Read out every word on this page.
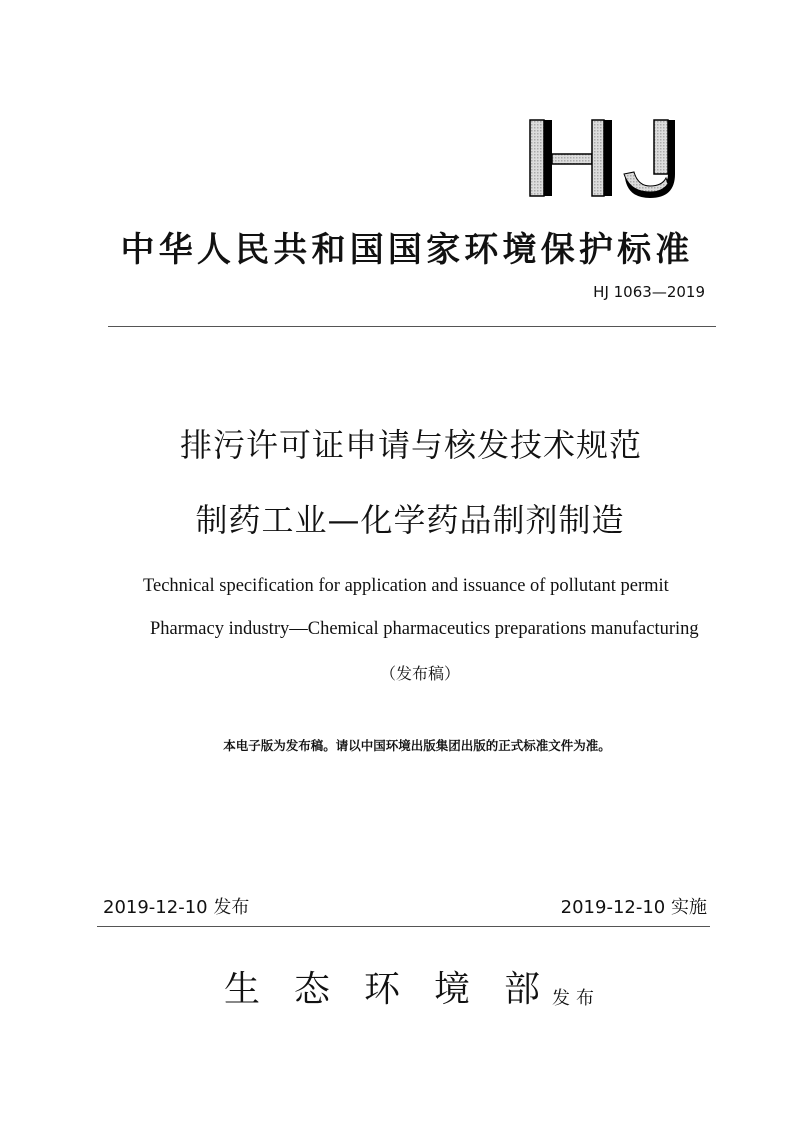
中华人民共和国国家环境保护标准
HJ 1063—2019
排污许可证申请与核发技术规范
制药工业—化学药品制剂制造
Technical specification for application and issuance of pollutant permit
Pharmacy industry—Chemical pharmaceutics preparations manufacturing
（发布稿）
本电子版为发布稿。请以中国环境出版集团出版的正式标准文件为准。
2019-12-10 发布	2019-12-10 实施
生态环境部 发布
